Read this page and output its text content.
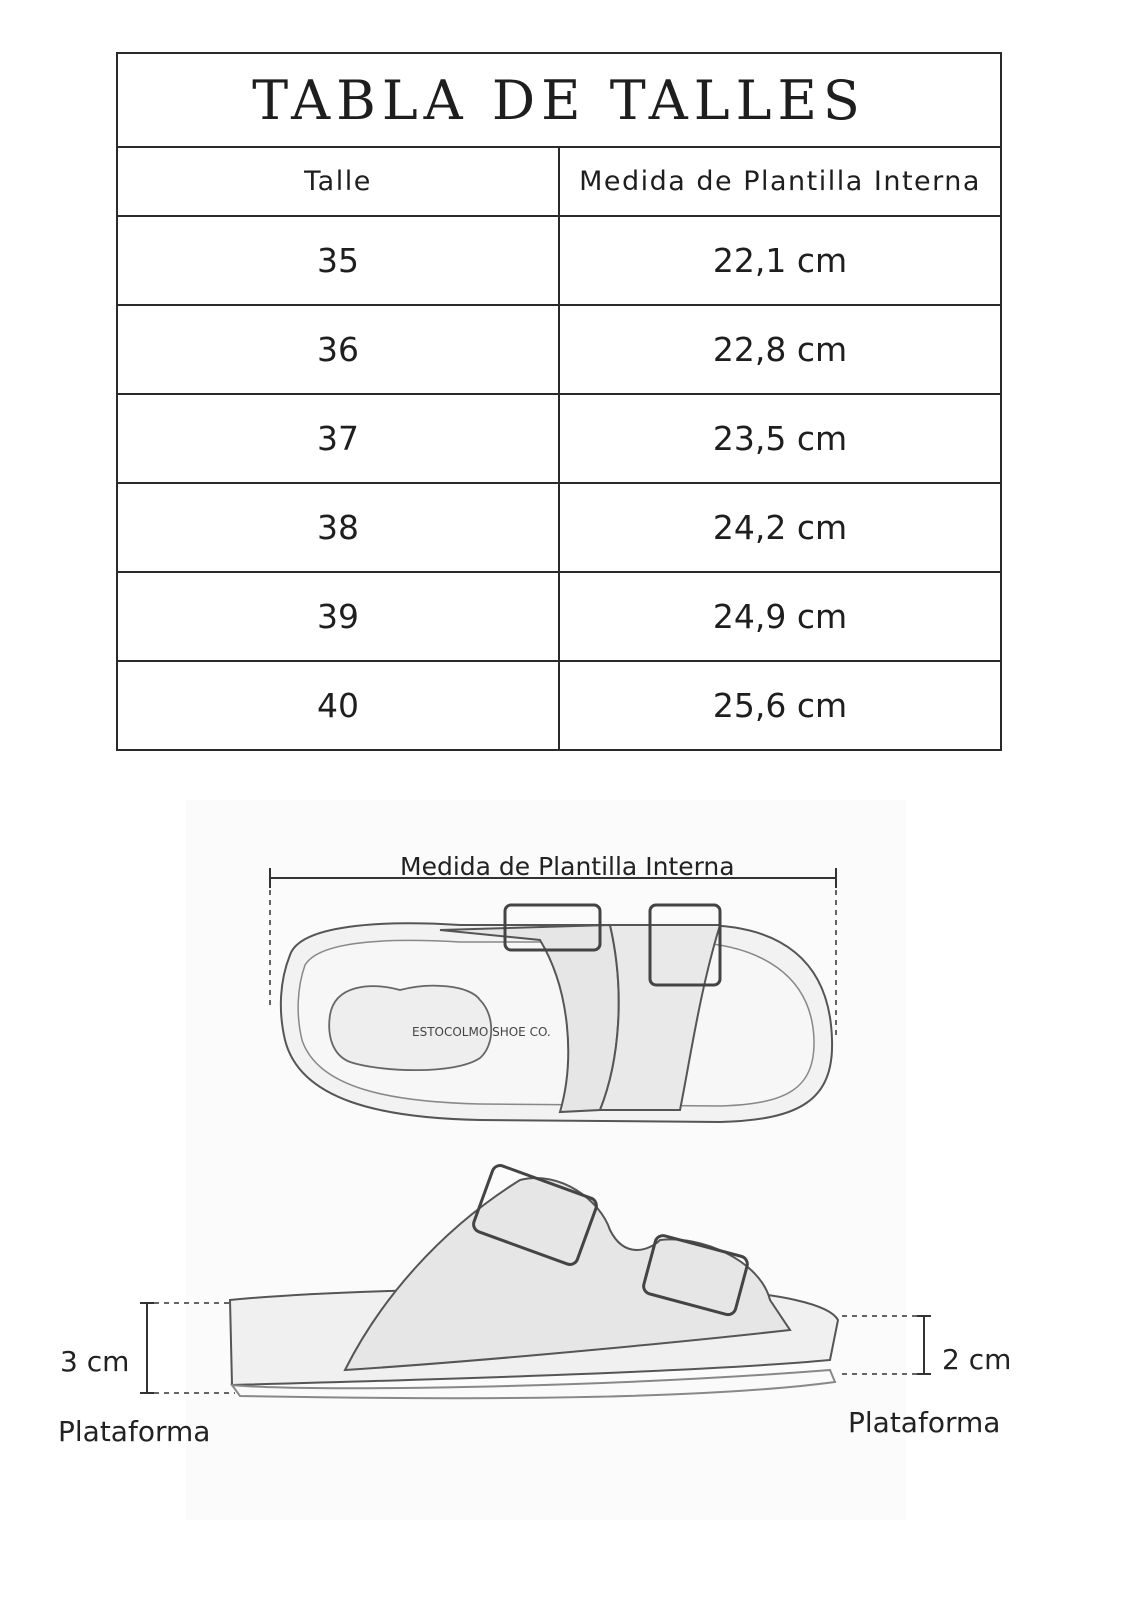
TABLA DE TALLES	
Talle	Medida de Plantilla Interna
35	22,1 cm
36	22,8 cm
37	23,5 cm
38	24,2 cm
39	24,9 cm
40	25,6 cm
ESTOCOLMO SHOE CO.
Medida de Plantilla Interna
3 cm
Plataforma
2 cm
Plataforma
